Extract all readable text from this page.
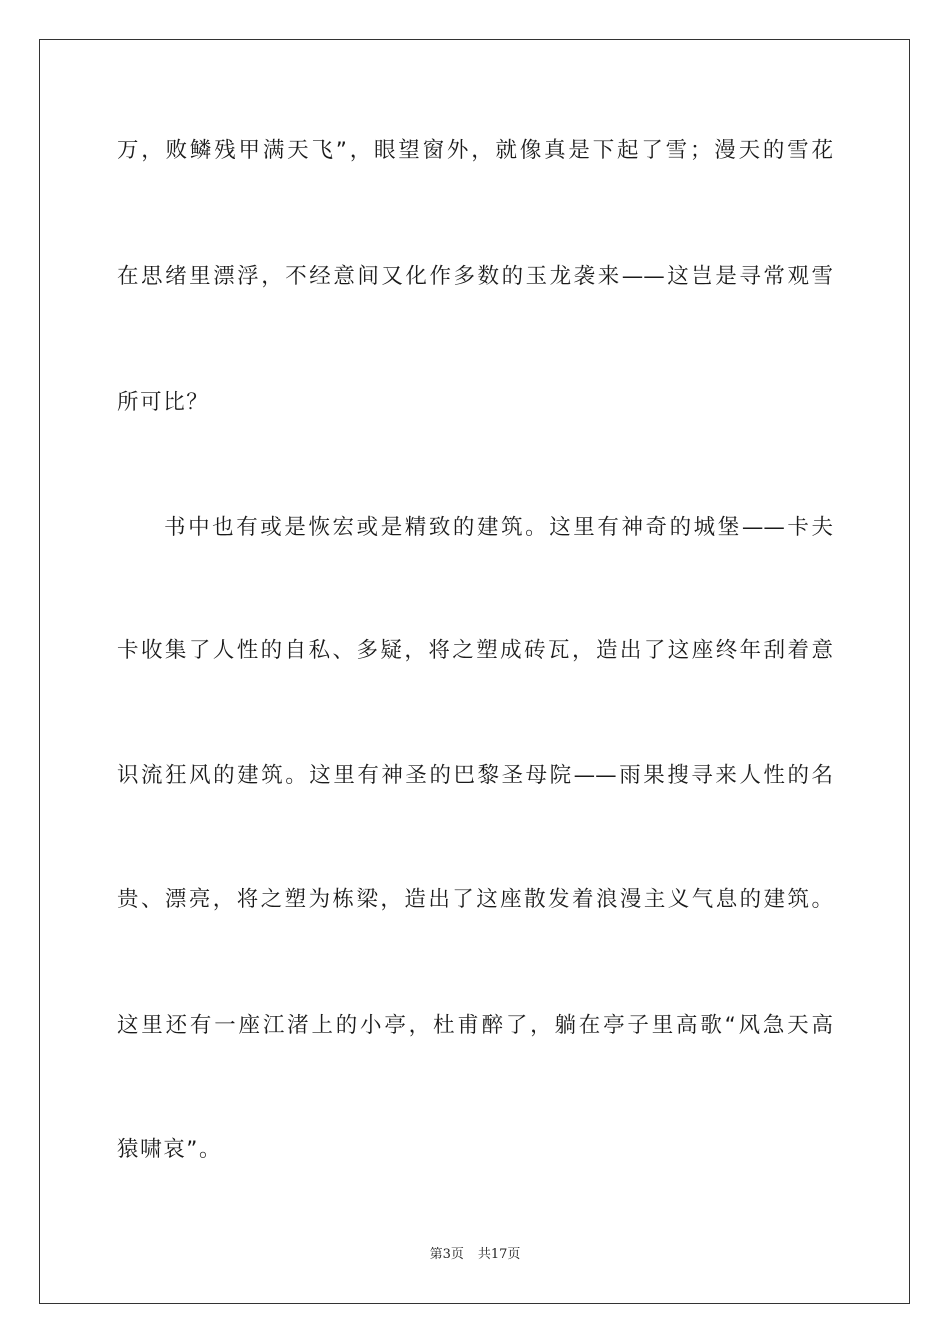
万，败鳞残甲满天飞”，眼望窗外，就像真是下起了雪；漫天的雪花
在思绪里漂浮，不经意间又化作多数的玉龙袭来——这岂是寻常观雪
所可比？
书中也有或是恢宏或是精致的建筑。这里有神奇的城堡——卡夫
卡收集了人性的自私、多疑，将之塑成砖瓦，造出了这座终年刮着意
识流狂风的建筑。这里有神圣的巴黎圣母院——雨果搜寻来人性的名
贵、漂亮，将之塑为栋梁，造出了这座散发着浪漫主义气息的建筑。
这里还有一座江渚上的小亭，杜甫醉了，躺在亭子里高歌“风急天高
猿啸哀”。
第3页 共17页
